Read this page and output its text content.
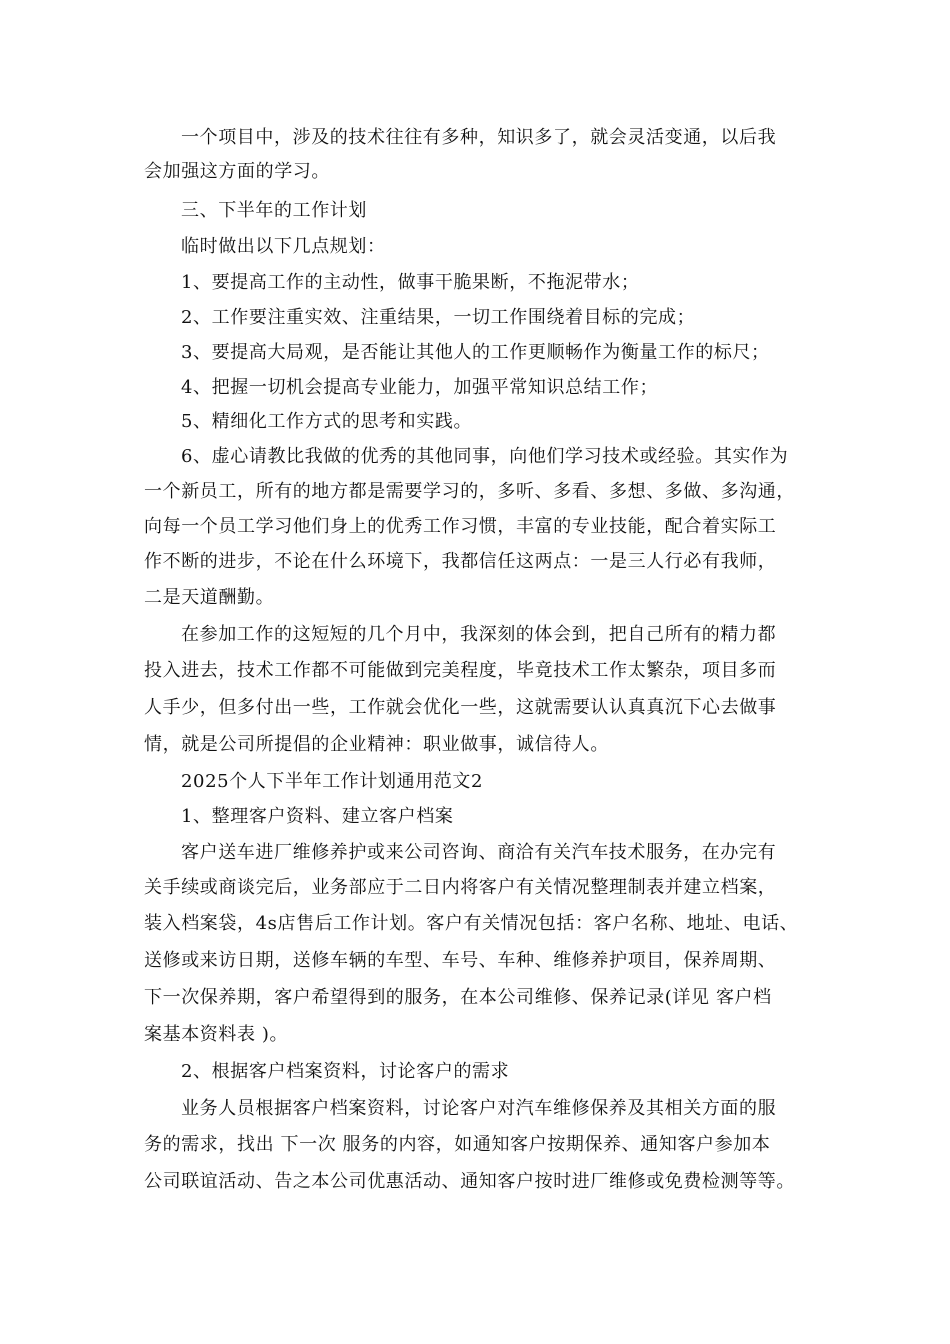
一个项目中，涉及的技术往往有多种，知识多了，就会灵活变通，以后我
会加强这方面的学习。
三、下半年的工作计划
临时做出以下几点规划：
1、要提高工作的主动性，做事干脆果断，不拖泥带水；
2、工作要注重实效、注重结果，一切工作围绕着目标的完成；
3、要提高大局观，是否能让其他人的工作更顺畅作为衡量工作的标尺；
4、把握一切机会提高专业能力，加强平常知识总结工作；
5、精细化工作方式的思考和实践。
6、虚心请教比我做的优秀的其他同事，向他们学习技术或经验。其实作为
一个新员工，所有的地方都是需要学习的，多听、多看、多想、多做、多沟通，
向每一个员工学习他们身上的优秀工作习惯，丰富的专业技能，配合着实际工
作不断的进步，不论在什么环境下，我都信任这两点：一是三人行必有我师，
二是天道酬勤。
在参加工作的这短短的几个月中，我深刻的体会到，把自己所有的精力都
投入进去，技术工作都不可能做到完美程度，毕竟技术工作太繁杂，项目多而
人手少，但多付出一些，工作就会优化一些，这就需要认认真真沉下心去做事
情，就是公司所提倡的企业精神：职业做事，诚信待人。
2025个人下半年工作计划通用范文2
1、整理客户资料、建立客户档案
客户送车进厂维修养护或来公司咨询、商洽有关汽车技术服务，在办完有
关手续或商谈完后，业务部应于二日内将客户有关情况整理制表并建立档案，
装入档案袋，4s店售后工作计划。客户有关情况包括：客户名称、地址、电话、
送修或来访日期，送修车辆的车型、车号、车种、维修养护项目，保养周期、
下一次保养期，客户希望得到的服务，在本公司维修、保养记录(详见 客户档
案基本资料表 )。
2、根据客户档案资料，讨论客户的需求
业务人员根据客户档案资料，讨论客户对汽车维修保养及其相关方面的服
务的需求，找出 下一次 服务的内容，如通知客户按期保养、通知客户参加本
公司联谊活动、告之本公司优惠活动、通知客户按时进厂维修或免费检测等等。
